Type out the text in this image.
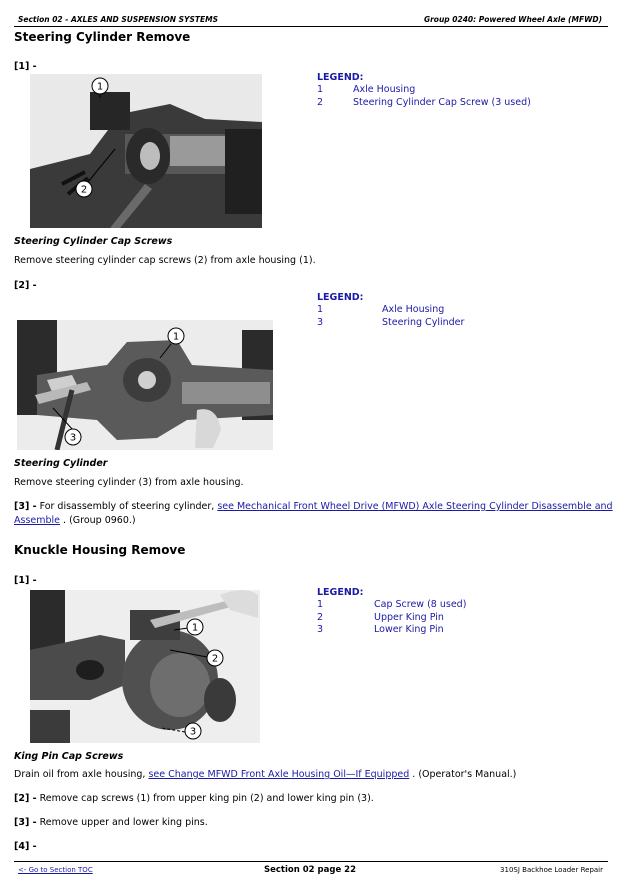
Section 02 - AXLES AND SUSPENSION SYSTEMS	Group 0240: Powered Wheel Axle (MFWD)
Steering Cylinder Remove
[1] -
1
2
LEGEND:
1	Axle Housing
2	Steering Cylinder Cap Screw (3 used)
Steering Cylinder Cap Screws
Remove steering cylinder cap screws (2) from axle housing (1).
[2] -
1
3
LEGEND:
1	Axle Housing
3	Steering Cylinder
Steering Cylinder
Remove steering cylinder (3) from axle housing.
[3] - For disassembly of steering cylinder, see Mechanical Front Wheel Drive (MFWD) Axle Steering Cylinder Disassemble and
Assemble . (Group 0960.)
Knuckle Housing Remove
[1] -
1
2
3
LEGEND:
1	Cap Screw (8 used)
2	Upper King Pin
3	Lower King Pin
King Pin Cap Screws
Drain oil from axle housing, see Change MFWD Front Axle Housing Oil—If Equipped . (Operator's Manual.)
[2] - Remove cap screws (1) from upper king pin (2) and lower king pin (3).
[3] - Remove upper and lower king pins.
[4] -
<- Go to Section TOC	Section 02 page 22	310SJ Backhoe Loader Repair
